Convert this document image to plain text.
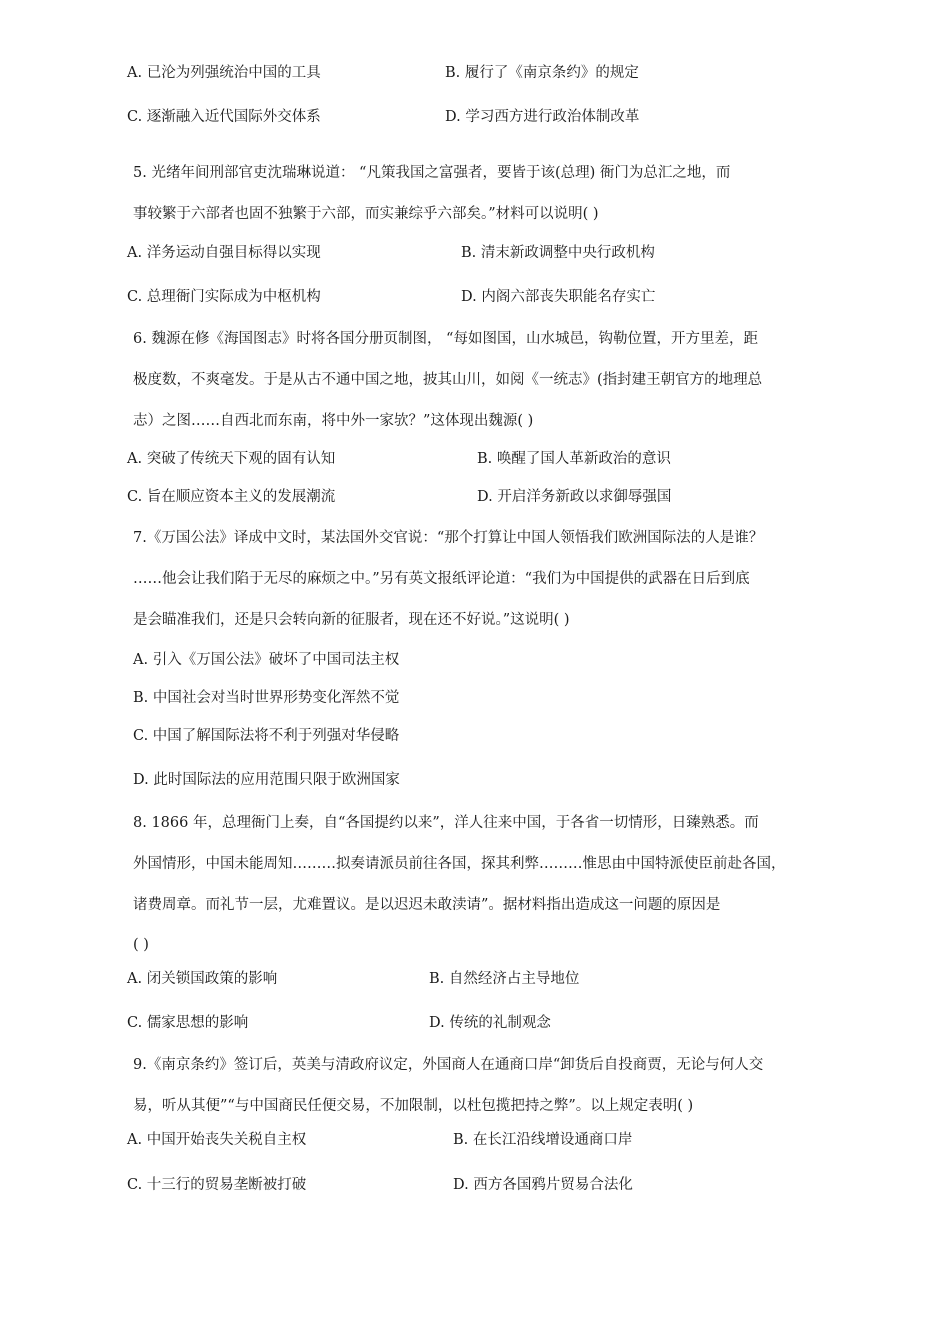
A. 已沦为列强统治中国的工具	B. 履行了《南京条约》的规定
C. 逐渐融入近代国际外交体系	D. 学习西方进行政治体制改革
5. 光绪年间刑部官吏沈瑞琳说道： “凡策我国之富强者，要皆于该(总理) 衙门为总汇之地，而
事较繁于六部者也固不独繁于六部，而实兼综乎六部矣。”材料可以说明( )
A. 洋务运动自强目标得以实现	B. 清末新政调整中央行政机构
C. 总理衙门实际成为中枢机构	D. 内阁六部丧失职能名存实亡
6. 魏源在修《海国图志》时将各国分册页制图， “每如图国，山水城邑，钩勒位置，开方里差，距
极度数，不爽毫发。于是从古不通中国之地，披其山川，如阅《一统志》(指封建王朝官方的地理总
志）之图……自西北而东南，将中外一家欤？”这体现出魏源( )
A. 突破了传统天下观的固有认知	B. 唤醒了国人革新政治的意识
C. 旨在顺应资本主义的发展潮流	D. 开启洋务新政以求御辱强国
7.《万国公法》译成中文时，某法国外交官说：“那个打算让中国人领悟我们欧洲国际法的人是谁？
……他会让我们陷于无尽的麻烦之中。”另有英文报纸评论道：“我们为中国提供的武器在日后到底
是会瞄准我们，还是只会转向新的征服者，现在还不好说。”这说明( )
A. 引入《万国公法》破坏了中国司法主权
B. 中国社会对当时世界形势变化浑然不觉
C. 中国了解国际法将不利于列强对华侵略
D. 此时国际法的应用范围只限于欧洲国家
8. 1866 年，总理衙门上奏，自“各国提约以来”，洋人往来中国，于各省一切情形，日臻熟悉。而
外国情形，中国未能周知………拟奏请派员前往各国，探其利弊………惟思由中国特派使臣前赴各国，
诸费周章。而礼节一层，尤难置议。是以迟迟未敢渎请”。据材料指出造成这一问题的原因是
( )
A. 闭关锁国政策的影响	B. 自然经济占主导地位
C. 儒家思想的影响	D. 传统的礼制观念
9.《南京条约》签订后，英美与清政府议定，外国商人在通商口岸“卸货后自投商贾，无论与何人交
易，听从其便”“与中国商民任便交易，不加限制，以杜包揽把持之弊”。以上规定表明( )
A. 中国开始丧失关税自主权	B. 在长江沿线增设通商口岸
C. 十三行的贸易垄断被打破	D. 西方各国鸦片贸易合法化
